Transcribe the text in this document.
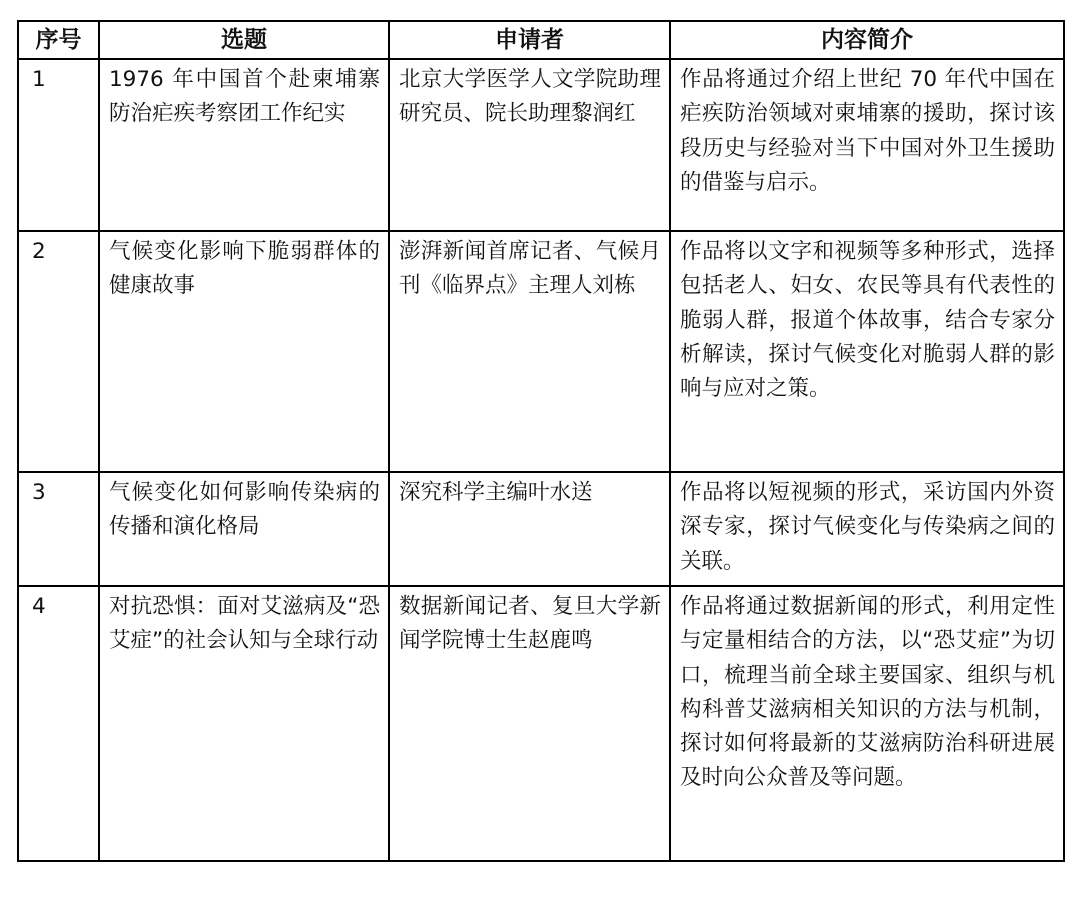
序号	选题	申请者	内容简介
1	1976 年中国首个赴柬埔寨防治疟疾考察团工作纪实	北京大学医学人文学院助理研究员、院长助理黎润红	作品将通过介绍上世纪 70 年代中国在疟疾防治领域对柬埔寨的援助，探讨该段历史与经验对当下中国对外卫生援助的借鉴与启示。
2	气候变化影响下脆弱群体的健康故事	澎湃新闻首席记者、气候月刊《临界点》主理人刘栋	作品将以文字和视频等多种形式，选择包括老人、妇女、农民等具有代表性的脆弱人群，报道个体故事，结合专家分析解读，探讨气候变化对脆弱人群的影响与应对之策。
3	气候变化如何影响传染病的传播和演化格局	深究科学主编叶水送	作品将以短视频的形式，采访国内外资深专家，探讨气候变化与传染病之间的关联。
4	对抗恐惧：面对艾滋病及“恐艾症”的社会认知与全球行动	数据新闻记者、复旦大学新闻学院博士生赵鹿鸣	作品将通过数据新闻的形式，利用定性与定量相结合的方法，以“恐艾症”为切口，梳理当前全球主要国家、组织与机构科普艾滋病相关知识的方法与机制，探讨如何将最新的艾滋病防治科研进展及时向公众普及等问题。
